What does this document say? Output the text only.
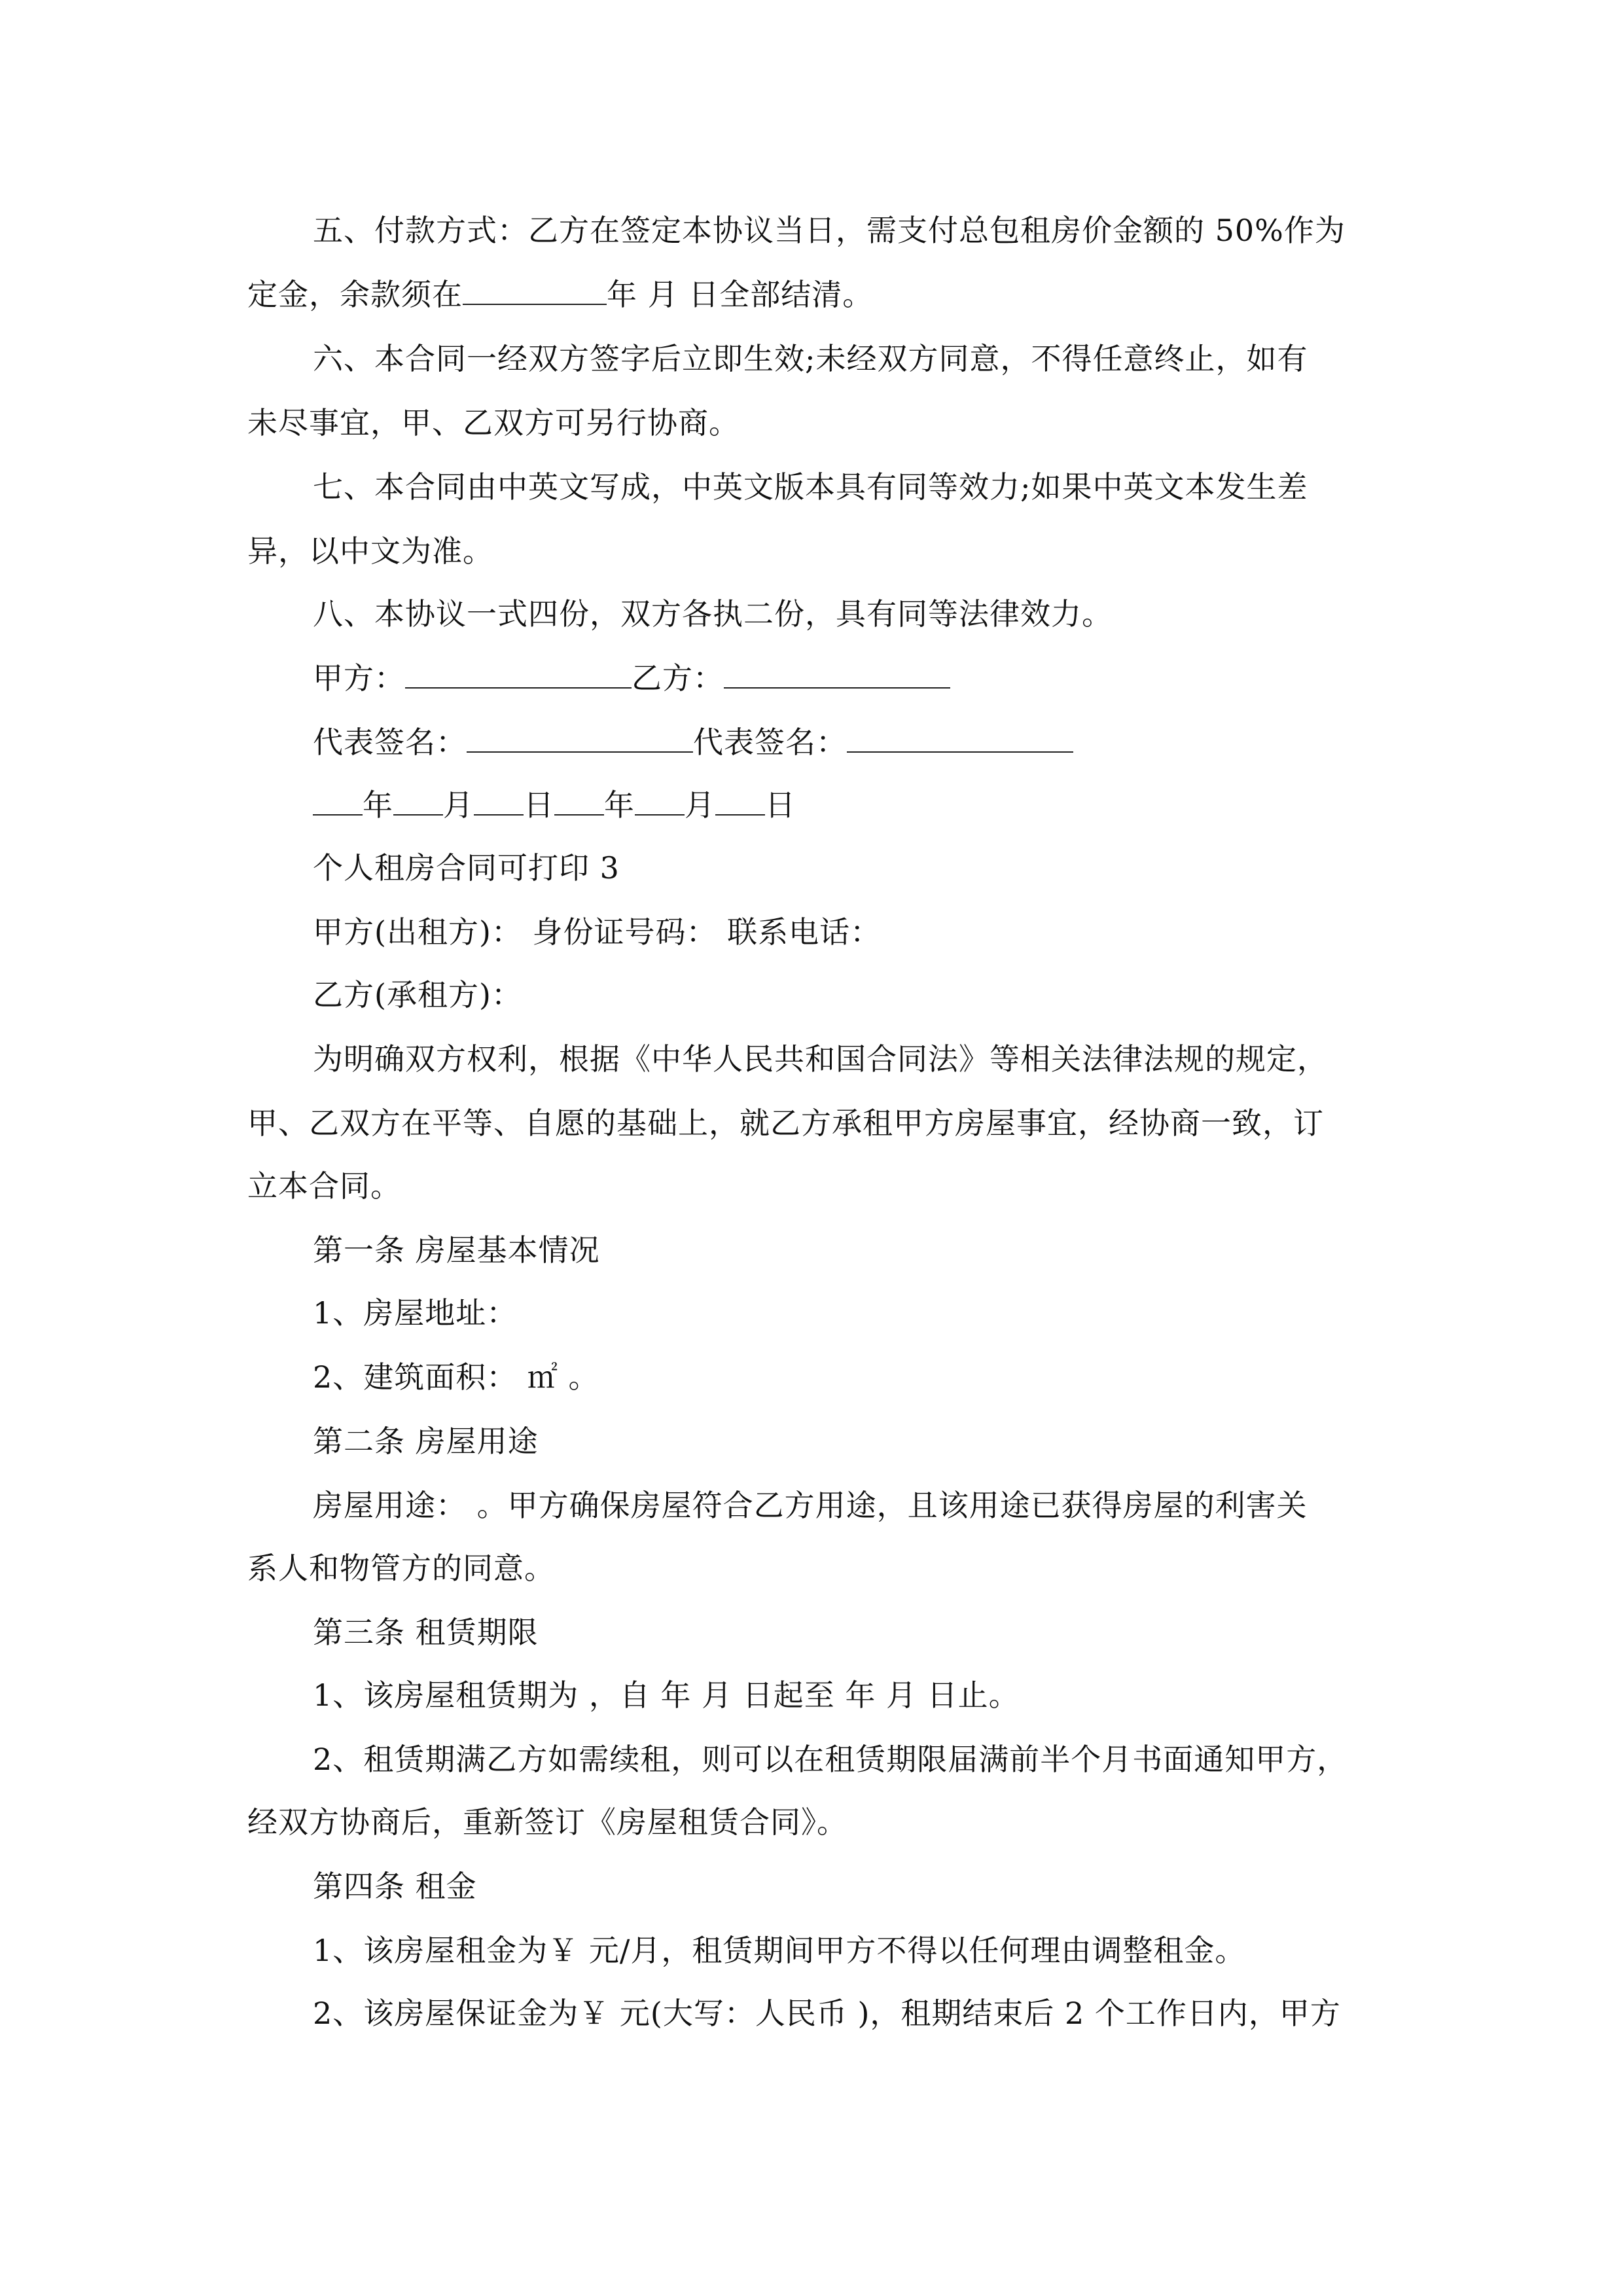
五、付款方式：乙方在签定本协议当日，需支付总包租房价金额的 50%作为
定金，余款须在	年 月 日全部结清。
六、本合同一经双方签字后立即生效;未经双方同意，不得任意终止，如有
未尽事宜，甲、乙双方可另行协商。
七、本合同由中英文写成，中英文版本具有同等效力;如果中英文本发生差
异，以中文为准。
八、本协议一式四份，双方各执二份，具有同等法律效力。
甲方：	乙方：
代表签名：	代表签名：
年 月 日 年 月 日
个人租房合同可打印 3
甲方(出租方)： 身份证号码： 联系电话：
乙方(承租方)：
为明确双方权利，根据《中华人民共和国合同法》等相关法律法规的规定，
甲、乙双方在平等、自愿的基础上，就乙方承租甲方房屋事宜，经协商一致，订
立本合同。
第一条 房屋基本情况
1、房屋地址：
2、建筑面积： ㎡ 。
第二条 房屋用途
房屋用途： 。甲方确保房屋符合乙方用途，且该用途已获得房屋的利害关
系人和物管方的同意。
第三条 租赁期限
1、该房屋租赁期为 ，自 年 月 日起至 年 月 日止。
2、租赁期满乙方如需续租，则可以在租赁期限届满前半个月书面通知甲方，
经双方协商后，重新签订《房屋租赁合同》。
第四条 租金
1、该房屋租金为￥ 元/月，租赁期间甲方不得以任何理由调整租金。
2、该房屋保证金为￥ 元(大写：人民币 )，租期结束后 2 个工作日内，甲方
